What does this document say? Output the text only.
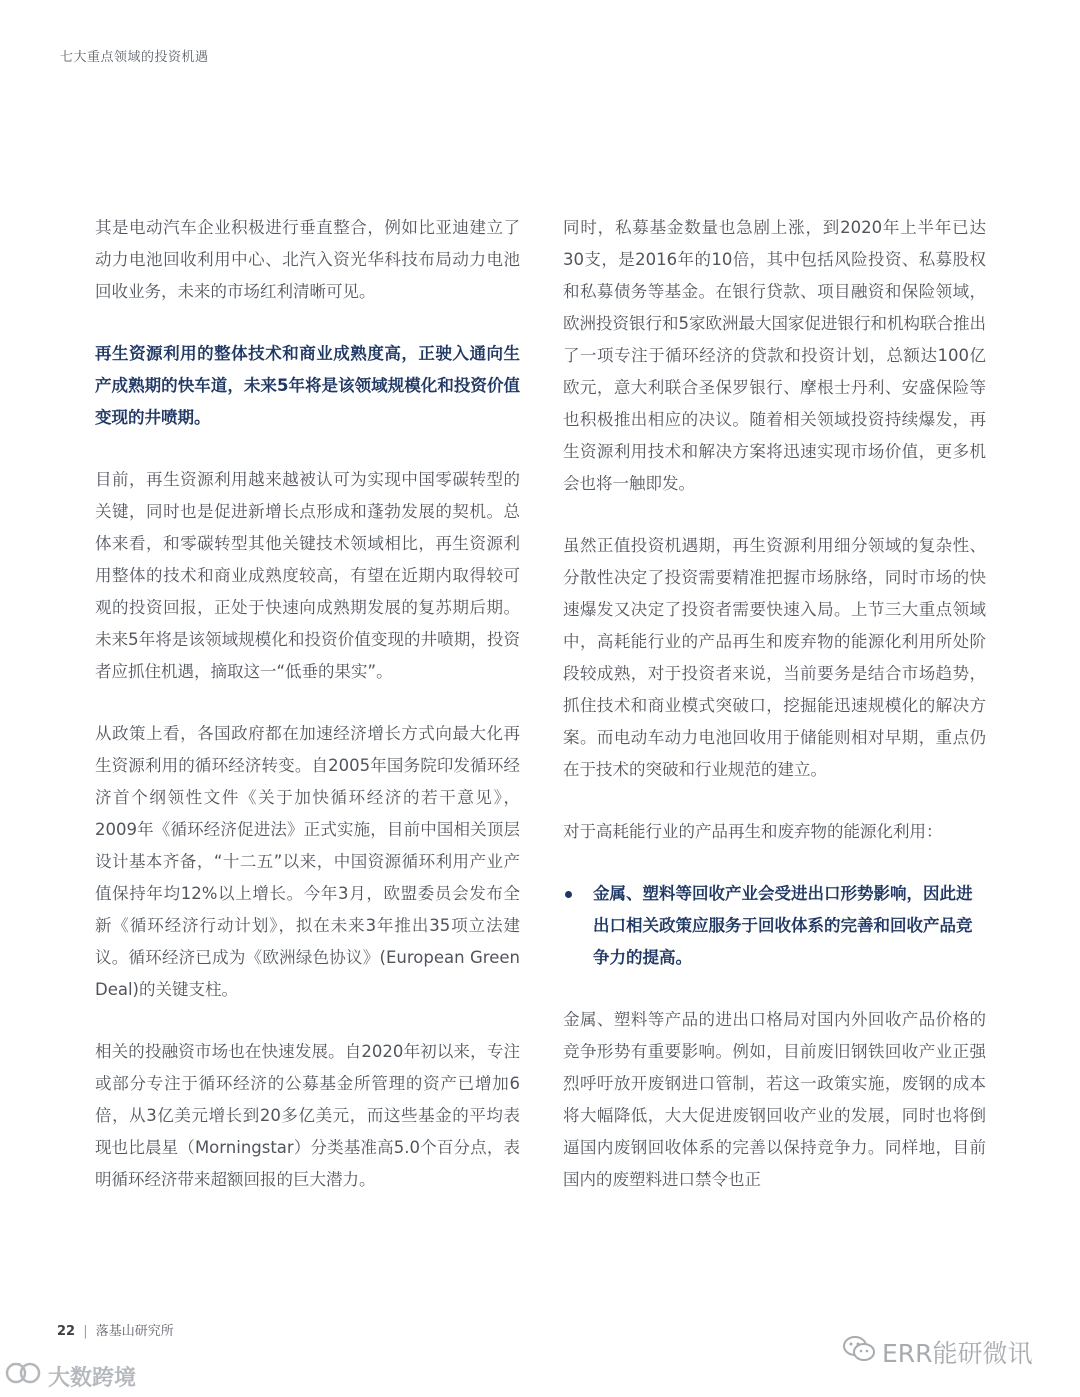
七大重点领域的投资机遇

其是电动汽车企业积极进行垂直整合，例如比亚迪建立了动力电池回收利用中心、北汽入资光华科技布局动力电池回收业务，未来的市场红利清晰可见。

再生资源利用的整体技术和商业成熟度高，正驶入通向生产成熟期的快车道，未来5年将是该领域规模化和投资价值变现的井喷期。

目前，再生资源利用越来越被认可为实现中国零碳转型的关键，同时也是促进新增长点形成和蓬勃发展的契机。总体来看，和零碳转型其他关键技术领域相比，再生资源利用整体的技术和商业成熟度较高，有望在近期内取得较可观的投资回报，正处于快速向成熟期发展的复苏期后期。未来5年将是该领域规模化和投资价值变现的井喷期，投资者应抓住机遇，摘取这一“低垂的果实”。

从政策上看，各国政府都在加速经济增长方式向最大化再生资源利用的循环经济转变。自2005年国务院印发循环经济首个纲领性文件《关于加快循环经济的若干意见》，2009年《循环经济促进法》正式实施，目前中国相关顶层设计基本齐备，“十二五”以来，中国资源循环利用产业产值保持年均12%以上增长。今年3月，欧盟委员会发布全新《循环经济行动计划》，拟在未来3年推出35项立法建议。循环经济已成为《欧洲绿色协议》(European Green Deal)的关键支柱。

相关的投融资市场也在快速发展。自2020年初以来，专注或部分专注于循环经济的公募基金所管理的资产已增加6倍，从3亿美元增长到20多亿美元，而这些基金的平均表现也比晨星（Morningstar）分类基准高5.0个百分点，表明循环经济带来超额回报的巨大潜力。

同时，私募基金数量也急剧上涨，到2020年上半年已达30支，是2016年的10倍，其中包括风险投资、私募股权和私募债务等基金。在银行贷款、项目融资和保险领域，欧洲投资银行和5家欧洲最大国家促进银行和机构联合推出了一项专注于循环经济的贷款和投资计划，总额达100亿欧元，意大利联合圣保罗银行、摩根士丹利、安盛保险等也积极推出相应的决议。随着相关领域投资持续爆发，再生资源利用技术和解决方案将迅速实现市场价值，更多机会也将一触即发。

虽然正值投资机遇期，再生资源利用细分领域的复杂性、分散性决定了投资需要精准把握市场脉络，同时市场的快速爆发又决定了投资者需要快速入局。上节三大重点领域中，高耗能行业的产品再生和废弃物的能源化利用所处阶段较成熟，对于投资者来说，当前要务是结合市场趋势，抓住技术和商业模式突破口，挖掘能迅速规模化的解决方案。而电动车动力电池回收用于储能则相对早期，重点仍在于技术的突破和行业规范的建立。

对于高耗能行业的产品再生和废弃物的能源化利用：

金属、塑料等回收产业会受进出口形势影响，因此进出口相关政策应服务于回收体系的完善和回收产品竞争力的提高。

金属、塑料等产品的进出口格局对国内外回收产品价格的竞争形势有重要影响。例如，目前废旧钢铁回收产业正强烈呼吁放开废钢进口管制，若这一政策实施，废钢的成本将大幅降低，大大促进废钢回收产业的发展，同时也将倒逼国内废钢回收体系的完善以保持竞争力。同样地，目前国内的废塑料进口禁令也正

22 | 落基山研究所
ERR能研微讯
大数跨境
